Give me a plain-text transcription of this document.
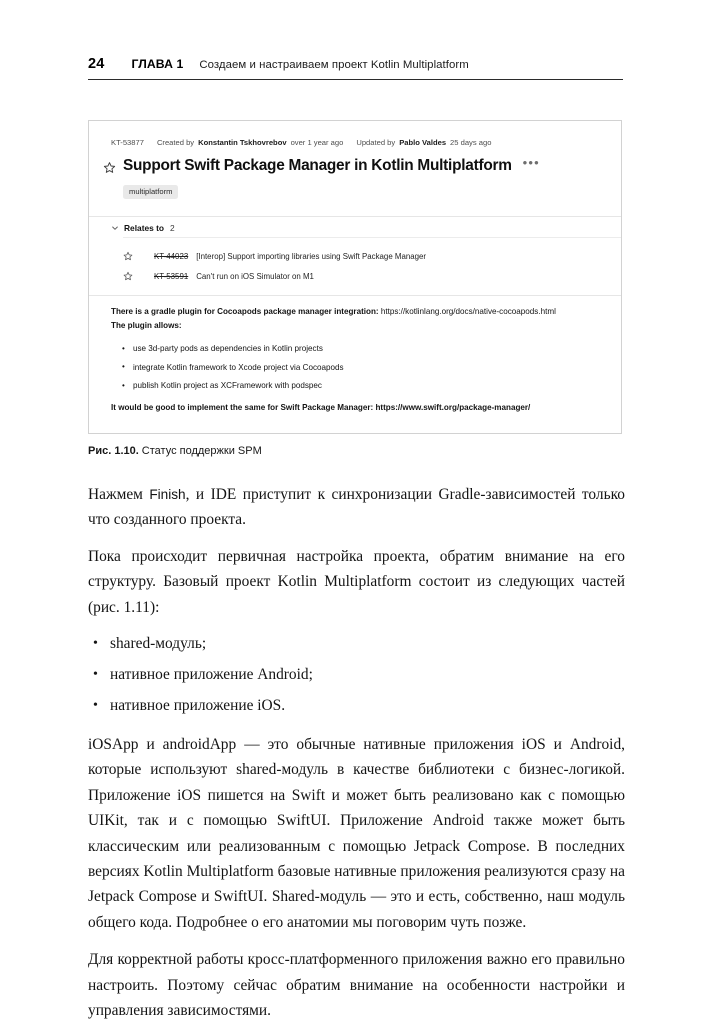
24 ГЛАВА 1 Создаем и настраиваем проект Kotlin Multiplatform
KT-53877 Created by Konstantin Tskhovrebov over 1 year ago Updated by Pablo Valdes 25 days ago
Support Swift Package Manager in Kotlin Multiplatform •••
multiplatform
Relates to 2
KT-44023 [Interop] Support importing libraries using Swift Package Manager
KT-53591 Can't run on iOS Simulator on M1

There is a gradle plugin for Cocoapods package manager integration: https://kotlinlang.org/docs/native-cocoapods.html

The plugin allows:

• use 3d-party pods as dependencies in Kotlin projects
• integrate Kotlin framework to Xcode project via Cocoapods
• publish Kotlin project as XCFramework with podspec

It would be good to implement the same for Swift Package Manager: https://www.swift.org/package-manager/

Рис. 1.10. Статус поддержки SPM

Нажмем Finish, и IDE приступит к синхронизации Gradle-зависимостей только что созданного проекта.

Пока происходит первичная настройка проекта, обратим внимание на его структуру. Базовый проект Kotlin Multiplatform состоит из следующих частей (рис. 1.11):

• shared-модуль;
• нативное приложение Android;
• нативное приложение iOS.

iOSApp и androidApp — это обычные нативные приложения iOS и Android, которые используют shared-модуль в качестве библиотеки с бизнес-логикой. Приложение iOS пишется на Swift и может быть реализовано как с помощью UIKit, так и с помощью SwiftUI. Приложение Android также может быть классическим или реализованным с помощью Jetpack Compose. В последних версиях Kotlin Multiplatform базовые нативные приложения реализуются сразу на Jetpack Compose и SwiftUI. Shared-модуль — это и есть, собственно, наш модуль общего кода. Подробнее о его анатомии мы поговорим чуть позже.

Для корректной работы кросс-платформенного приложения важно его правильно настроить. Поэтому сейчас обратим внимание на особенности настройки и управления зависимостями.
